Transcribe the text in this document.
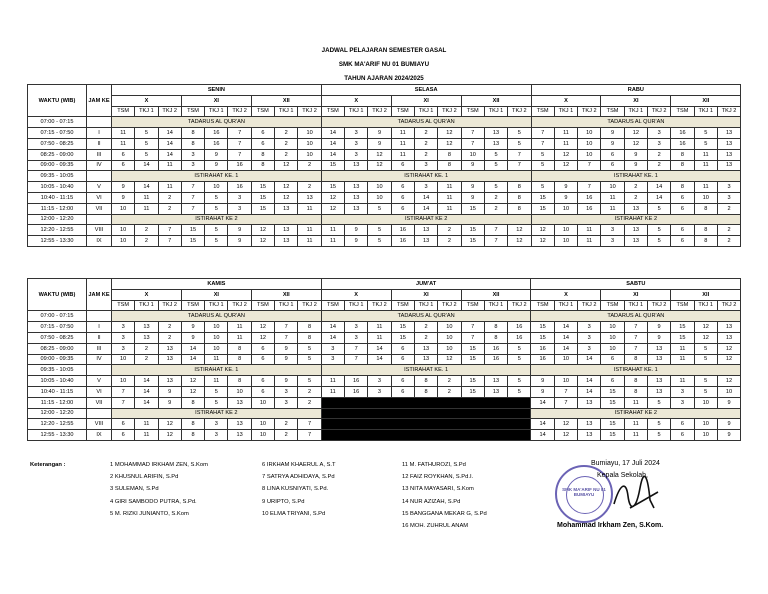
JADWAL PELAJARAN SEMESTER GASAL
SMK MA'ARIF NU 01 BUMIAYU
TAHUN AJARAN 2024/2025
WAKTU (WIB)	JAM KE	SENIN									SELASA									RABU								
		X			XI			XII			X			XI			XII			X			XI			XII		
		TSM	TKJ 1	TKJ 2	TSM	TKJ 1	TKJ 2	TSM	TKJ 1	TKJ 2	TSM	TKJ 1	TKJ 2	TSM	TKJ 1	TKJ 2	TSM	TKJ 1	TKJ 2	TSM	TKJ 1	TKJ 2	TSM	TKJ 1	TKJ 2	TSM	TKJ 1	TKJ 2
07:00 - 07:15		TADARUS AL QUR'AN									TADARUS AL QUR'AN									TADARUS AL QUR'AN								
07:15 - 07:50	I	11	5	14	8	16	7	6	2	10	14	3	9	11	2	12	7	13	5	7	11	10	9	12	3	16	5	13
07:50 - 08:25	II	11	5	14	8	16	7	6	2	10	14	3	9	11	2	12	7	13	5	7	11	10	9	12	3	16	5	13
08:25 - 09:00	III	6	5	14	3	9	7	8	2	10	14	3	12	11	2	8	10	5	7	5	12	10	6	9	2	8	11	13
09:00 - 09:35	IV	6	14	11	3	9	16	8	12	2	15	13	12	6	3	8	9	5	7	5	12	7	6	9	2	8	11	13
09:35 - 10:05		ISTIRAHAT KE. 1									ISTIRAHAT KE. 1									ISTIRAHAT KE. 1								
10:05 - 10:40	V	9	14	11	7	10	16	15	12	2	15	13	10	6	3	11	9	5	8	5	9	7	10	2	14	8	11	3
10:40 - 11:15	VI	9	11	2	7	5	3	15	12	13	12	13	10	6	14	11	9	2	8	15	9	16	11	2	14	6	10	3
11:15 - 12:00	VII	10	11	2	7	5	3	15	13	11	12	13	5	6	14	11	15	2	8	15	10	16	11	13	5	6	8	2
12:00 - 12:20		ISTIRAHAT KE 2									ISTIRAHAT KE 2									ISTIRAHAT KE 2								
12:20 - 12:55	VIII	10	2	7	15	5	9	12	13	11	11	9	5	16	13	2	15	7	12	12	10	11	3	13	5	6	8	2
12:55 - 13:30	IX	10	2	7	15	5	9	12	13	11	11	9	5	16	13	2	15	7	12	12	10	11	3	13	5	6	8	2
WAKTU (WIB)	JAM KE	KAMIS									JUM'AT									SABTU								
		X			XI			XII			X			XI			XII			X			XI			XII		
		TSM	TKJ 1	TKJ 2	TSM	TKJ 1	TKJ 2	TSM	TKJ 1	TKJ 2	TSM	TKJ 1	TKJ 2	TSM	TKJ 1	TKJ 2	TSM	TKJ 1	TKJ 2	TSM	TKJ 1	TKJ 2	TSM	TKJ 1	TKJ 2	TSM	TKJ 1	TKJ 2
07:00 - 07:15		TADARUS AL QUR'AN									TADARUS AL QUR'AN									TADARUS AL QUR'AN								
07:15 - 07:50	I	3	13	2	9	10	11	12	7	8	14	3	11	15	2	10	7	8	16	15	14	3	10	7	9	15	12	13
07:50 - 08:25	II	3	13	2	9	10	11	12	7	8	14	3	11	15	2	10	7	8	16	15	14	3	10	7	9	15	12	13
08:25 - 09:00	III	3	2	13	14	10	8	6	9	5	3	7	14	6	13	10	15	16	5	16	14	3	10	7	13	11	5	12
09:00 - 09:35	IV	10	2	13	14	11	8	6	9	5	3	7	14	6	13	12	15	16	5	16	10	14	6	8	13	11	5	12
09:35 - 10:05		ISTIRAHAT KE. 1									ISTIRAHAT KE. 1									ISTIRAHAT KE. 1								
10:05 - 10:40	V	10	14	13	12	11	8	6	9	5	11	16	3	6	8	2	15	13	5	9	10	14	6	8	13	11	5	12
10:40 - 11:15	VI	7	14	9	12	5	10	6	3	2	11	16	3	6	8	2	15	13	5	9	7	14	15	8	13	3	5	10
11:15 - 12:00	VII	7	14	9	8	5	13	10	3	2										14	7	13	15	11	5	3	10	9
12:00 - 12:20		ISTIRAHAT KE 2																		ISTIRAHAT KE 2								
12:20 - 12:55	VIII	6	11	12	8	3	13	10	2	7										14	12	13	15	11	5	6	10	9
12:55 - 13:30	IX	6	11	12	8	3	13	10	2	7										14	12	13	15	11	5	6	10	9
Keterangan :	1 MOHAMMAD IRKHAM ZEN, S.Kom
2 KHUSNUL ARIFIN, S.Pd
3 SULEMAN, S.Pd
4 GIRI SAMBODO PUTRA, S.Pd.
5 M. RIZKI JUNIANTO, S.Kom
6 IRKHAM KHAERUL A, S.T
7 SATRYA ADHIDAYA, S.Pd
8 LINA KUSNIYATI, S.Pd.
9 URIPTO, S.Pd
10 ELMA TRIYANI, S.Pd
11 M. FATHUROZI, S.Pd
12 FAIZ ROYKHAN, S.Pd.I.
13 NITA MAYASARI, S.Kom
14 NUR AZIZAH, S.Pd
15 BANGGANA MEKAR G, S.Pd
16 MOH. ZUHRUL ANAM
SMK MA'ARIF NU 01 BUMIAYU
Bumiayu, 17 Juli 2024
Kepala Sekolah,
Mohammad Irkham Zen, S.Kom.
